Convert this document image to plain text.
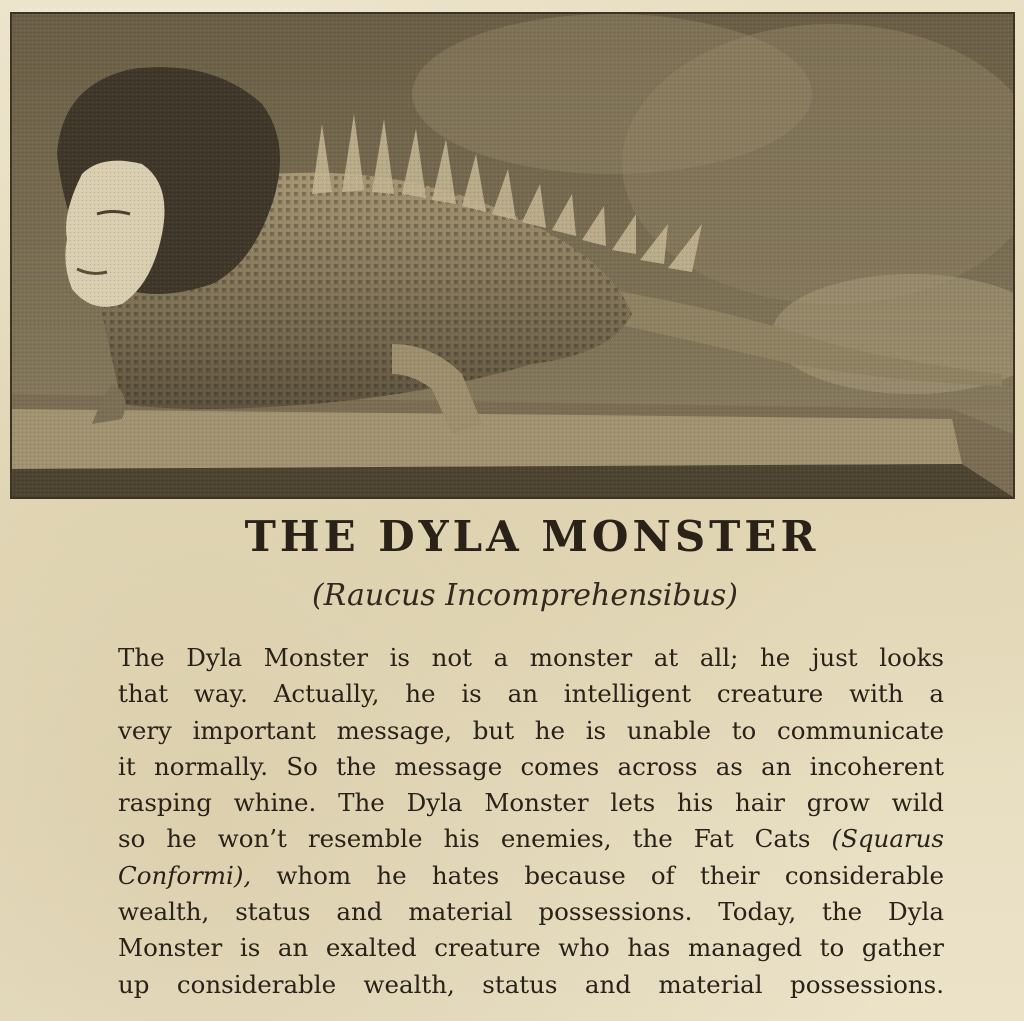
THE DYLA MONSTER
(Raucus Incomprehensibus)
The Dyla Monster is not a monster at all; he just looks
that way. Actually, he is an intelligent creature with a
very important message, but he is unable to communicate
it normally. So the message comes across as an incoherent
rasping whine. The Dyla Monster lets his hair grow wild
so he won’t resemble his enemies, the Fat Cats (Squarus
Conformi), whom he hates because of their considerable
wealth, status and material possessions. Today, the Dyla
Monster is an exalted creature who has managed to gather
up considerable wealth, status and material possessions.
